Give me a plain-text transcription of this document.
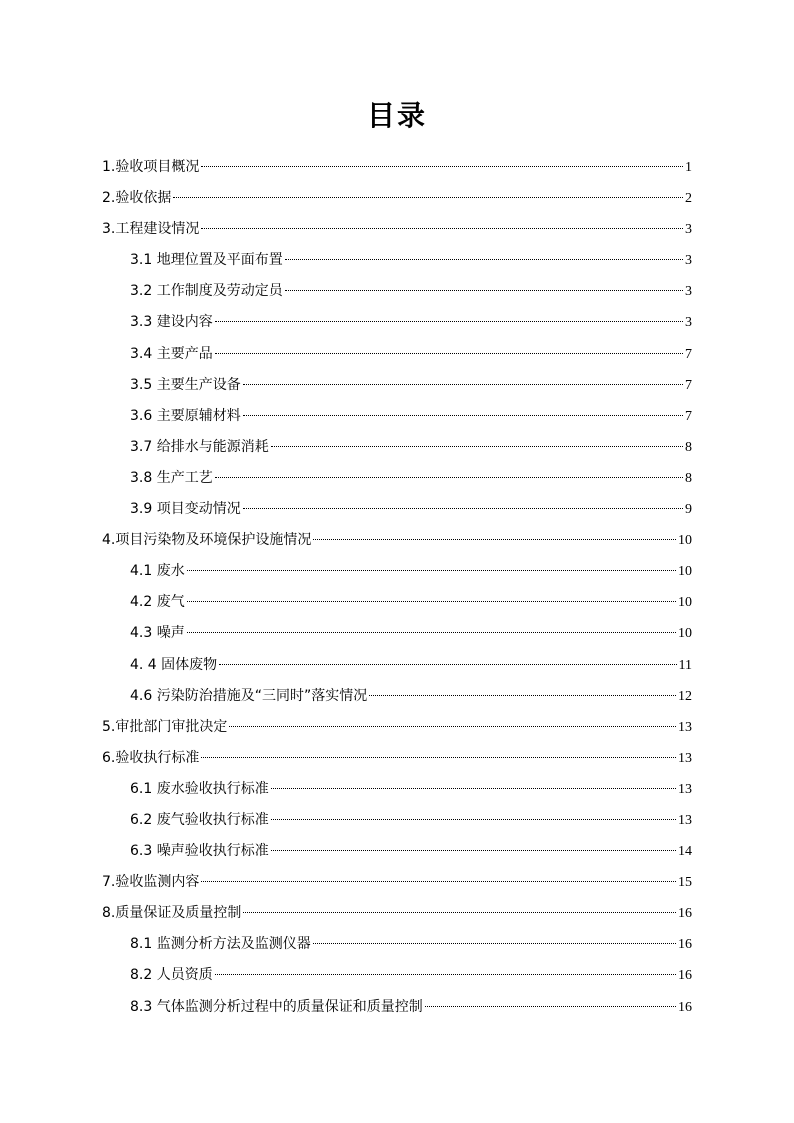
目录
1.验收项目概况	1
2.验收依据	2
3.工程建设情况	3
3.1 地理位置及平面布置	3
3.2 工作制度及劳动定员	3
3.3 建设内容	3
3.4 主要产品	7
3.5 主要生产设备	7
3.6 主要原辅材料	7
3.7 给排水与能源消耗	8
3.8 生产工艺	8
3.9 项目变动情况	9
4.项目污染物及环境保护设施情况	10
4.1 废水	10
4.2 废气	10
4.3 噪声	10
4. 4 固体废物	11
4.6 污染防治措施及“三同时”落实情况	12
5.审批部门审批决定	13
6.验收执行标准	13
6.1 废水验收执行标准	13
6.2 废气验收执行标准	13
6.3 噪声验收执行标准	14
7.验收监测内容	15
8.质量保证及质量控制	16
8.1 监测分析方法及监测仪器	16
8.2 人员资质	16
8.3 气体监测分析过程中的质量保证和质量控制	16
